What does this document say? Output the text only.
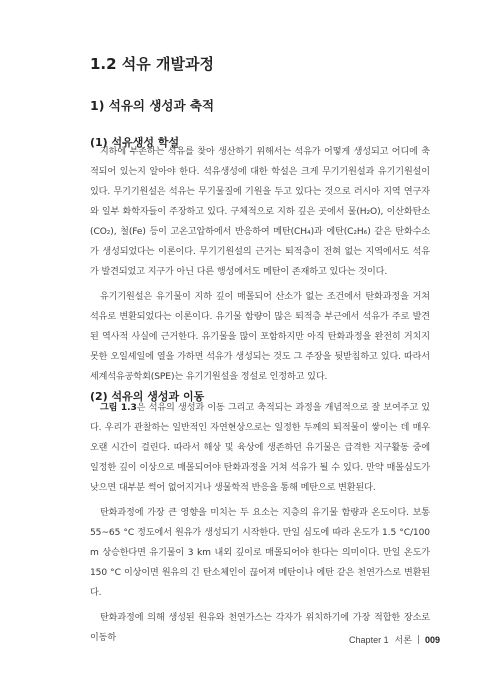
1.2 석유 개발과정
1) 석유의 생성과 축적
(1) 석유생성 학설

지하에 부존하는 석유를 찾아 생산하기 위해서는 석유가 어떻게 생성되고 어디에 축적되어 있는지 알아야 한다. 석유생성에 대한 학설은 크게 무기기원설과 유기기원설이 있다. 무기기원설은 석유는 무기물질에 기원을 두고 있다는 것으로 러시아 지역 연구자와 일부 화학자들이 주장하고 있다. 구체적으로 지하 깊은 곳에서 물(H₂O), 이산화탄소(CO₂), 철(Fe) 등이 고온고압하에서 반응하여 메탄(CH₄)과 에탄(C₂H₆) 같은 탄화수소가 생성되었다는 이론이다. 무기기원설의 근거는 퇴적층이 전혀 없는 지역에서도 석유가 발견되었고 지구가 아닌 다른 행성에서도 메탄이 존재하고 있다는 것이다.

유기기원설은 유기물이 지하 깊이 매몰되어 산소가 없는 조건에서 탄화과정을 거쳐 석유로 변환되었다는 이론이다. 유기물 함량이 많은 퇴적층 부근에서 석유가 주로 발견된 역사적 사실에 근거한다. 유기물을 많이 포함하지만 아직 탄화과정을 완전히 거치지 못한 오일셰일에 열을 가하면 석유가 생성되는 것도 그 주장을 뒷받침하고 있다. 따라서 세계석유공학회(SPE)는 유기기원설을 정설로 인정하고 있다.

(2) 석유의 생성과 이동

그림 1.3은 석유의 생성과 이동 그리고 축적되는 과정을 개념적으로 잘 보여주고 있다. 우리가 관찰하는 일반적인 자연현상으로는 일정한 두께의 퇴적물이 쌓이는 데 매우 오랜 시간이 걸린다. 따라서 해상 및 육상에 생존하던 유기물은 급격한 지구활동 중에 일정한 깊이 이상으로 매몰되어야 탄화과정을 거쳐 석유가 될 수 있다. 만약 매몰심도가 낮으면 대부분 썩어 없어지거나 생물학적 반응을 통해 메탄으로 변환된다.

탄화과정에 가장 큰 영향을 미치는 두 요소는 지층의 유기물 함량과 온도이다. 보통 55~65 °C 정도에서 원유가 생성되기 시작한다. 만일 심도에 따라 온도가 1.5 °C/100 m 상승한다면 유기물이 3 km 내외 깊이로 매몰되어야 한다는 의미이다. 만일 온도가 150 °C 이상이면 원유의 긴 탄소체인이 끊어져 메탄이나 에탄 같은 천연가스로 변환된다.

탄화과정에 의해 생성된 원유와 천연가스는 각자가 위치하기에 가장 적합한 장소로 이동하	Chapter 1 서론 009
